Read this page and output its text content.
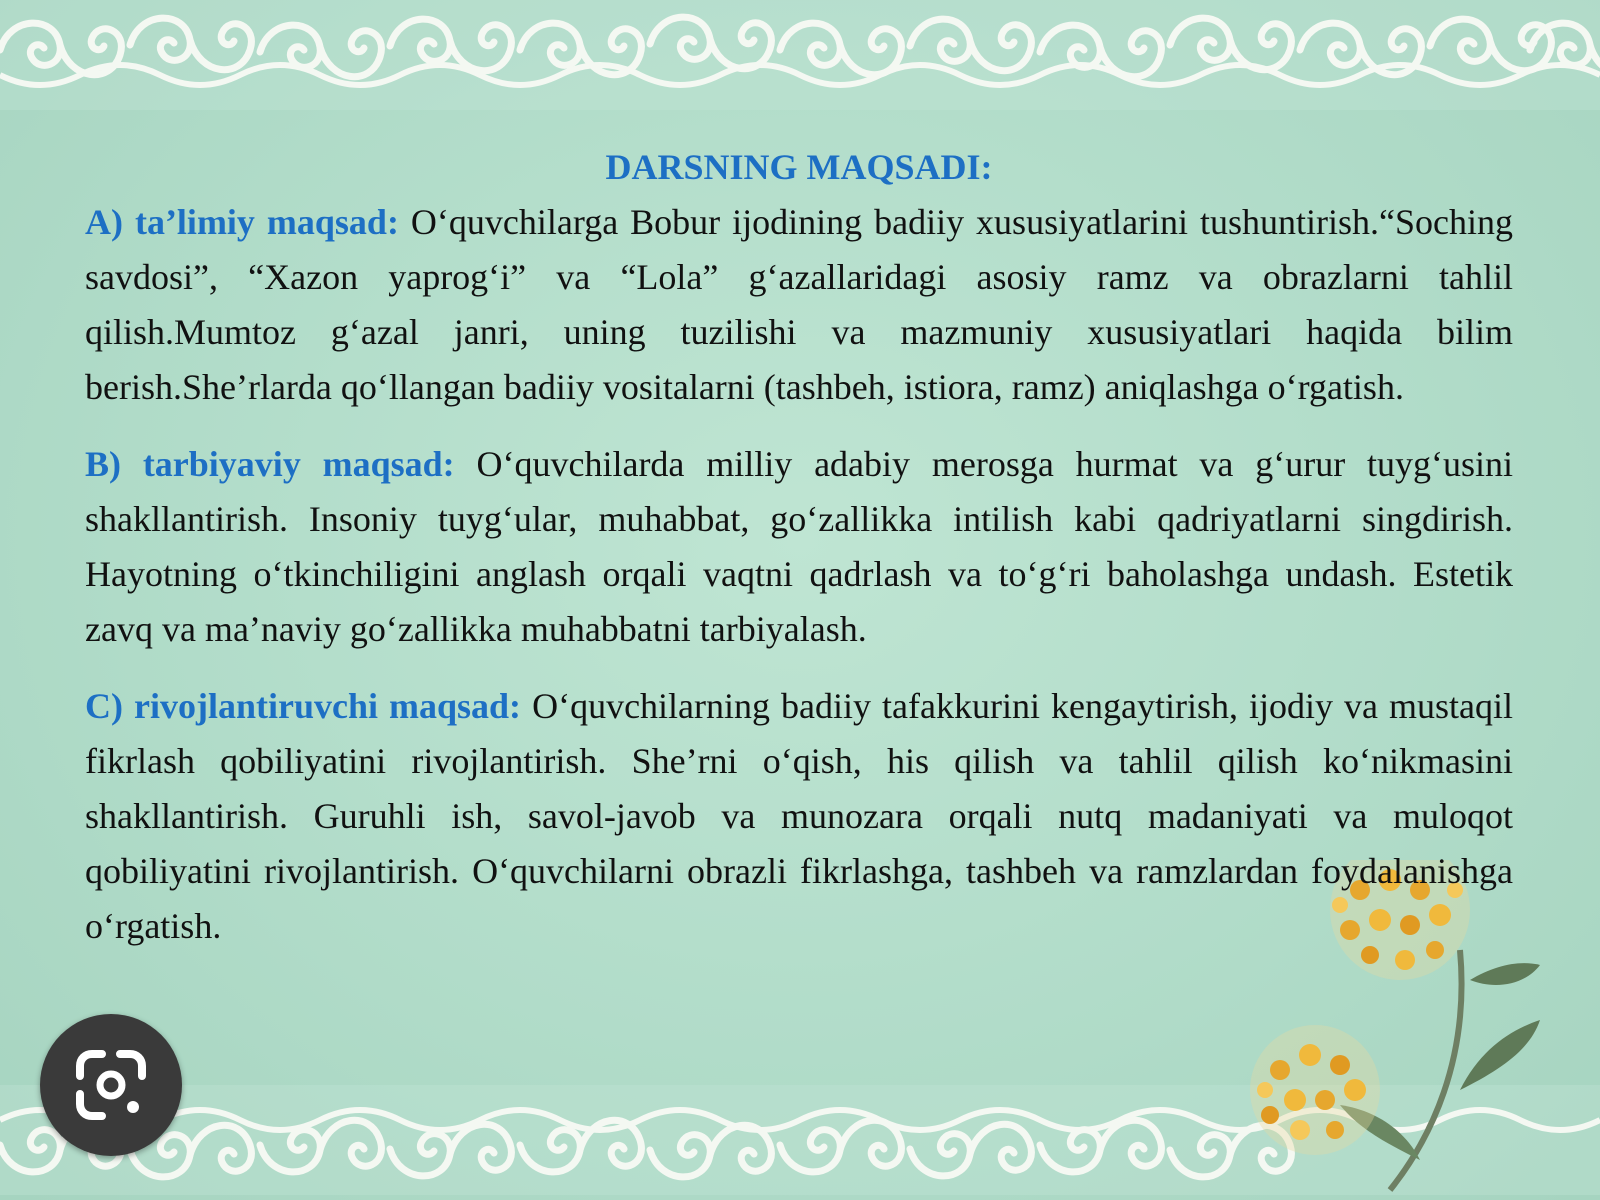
DARSNING MAQSADI:

A) ta’limiy maqsad: O‘quvchilarga Bobur ijodining badiiy xususiyatlarini tushuntirish.“Soching savdosi”, “Xazon yaprog‘i” va “Lola” g‘azallaridagi asosiy ramz va obrazlarni tahlil qilish.Mumtoz g‘azal janri, uning tuzilishi va mazmuniy xususiyatlari haqida bilim berish.She’rlarda qo‘llangan badiiy vositalarni (tashbeh, istiora, ramz) aniqlashga o‘rgatish.

B) tarbiyaviy maqsad: O‘quvchilarda milliy adabiy merosga hurmat va g‘urur tuyg‘usini shakllantirish. Insoniy tuyg‘ular, muhabbat, go‘zallikka intilish kabi qadriyatlarni singdirish. Hayotning o‘tkinchiligini anglash orqali vaqtni qadrlash va to‘g‘ri baholashga undash. Estetik zavq va ma’naviy go‘zallikka muhabbatni tarbiyalash.

C) rivojlantiruvchi maqsad: O‘quvchilarning badiiy tafakkurini kengaytirish, ijodiy va mustaqil fikrlash qobiliyatini rivojlantirish. She’rni o‘qish, his qilish va tahlil qilish ko‘nikmasini shakllantirish. Guruhli ish, savol-javob va munozara orqali nutq madaniyati va muloqot qobiliyatini rivojlantirish. O‘quvchilarni obrazli fikrlashga, tashbeh va ramzlardan foydalanishga o‘rgatish.
